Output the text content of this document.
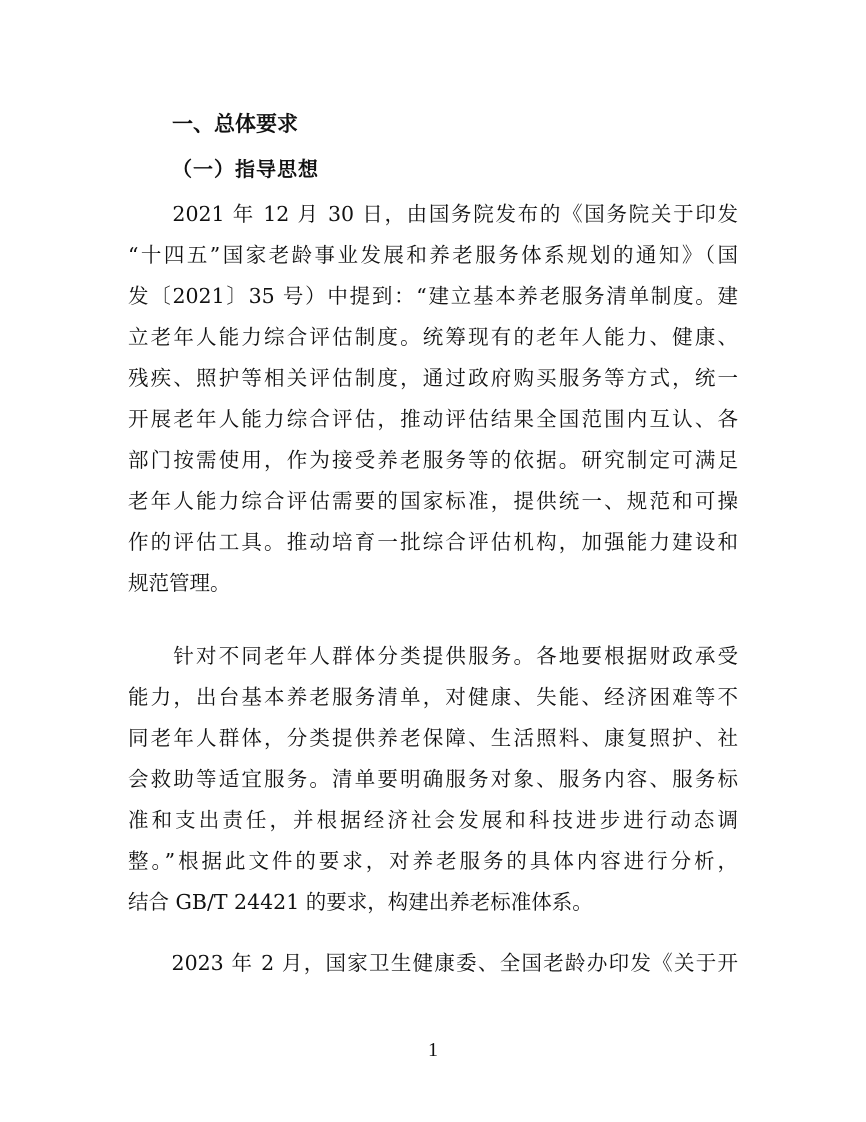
一、总体要求
（一）指导思想
　　2021 年 12 月 30 日，由国务院发布的《国务院关于印发
“十四五”国家老龄事业发展和养老服务体系规划的通知》（国
发〔2021〕35 号）中提到：“建立基本养老服务清单制度。建
立老年人能力综合评估制度。统筹现有的老年人能力、健康、
残疾、照护等相关评估制度，通过政府购买服务等方式，统一
开展老年人能力综合评估，推动评估结果全国范围内互认、各
部门按需使用，作为接受养老服务等的依据。研究制定可满足
老年人能力综合评估需要的国家标准，提供统一、规范和可操
作的评估工具。推动培育一批综合评估机构，加强能力建设和
规范管理。
　　针对不同老年人群体分类提供服务。各地要根据财政承受
能力，出台基本养老服务清单，对健康、失能、经济困难等不
同老年人群体，分类提供养老保障、生活照料、康复照护、社
会救助等适宜服务。清单要明确服务对象、服务内容、服务标
准和支出责任，并根据经济社会发展和科技进步进行动态调
整。”根据此文件的要求，对养老服务的具体内容进行分析，
结合 GB/T 24421 的要求，构建出养老标准体系。
　　2023 年 2 月，国家卫生健康委、全国老龄办印发《关于开
1
